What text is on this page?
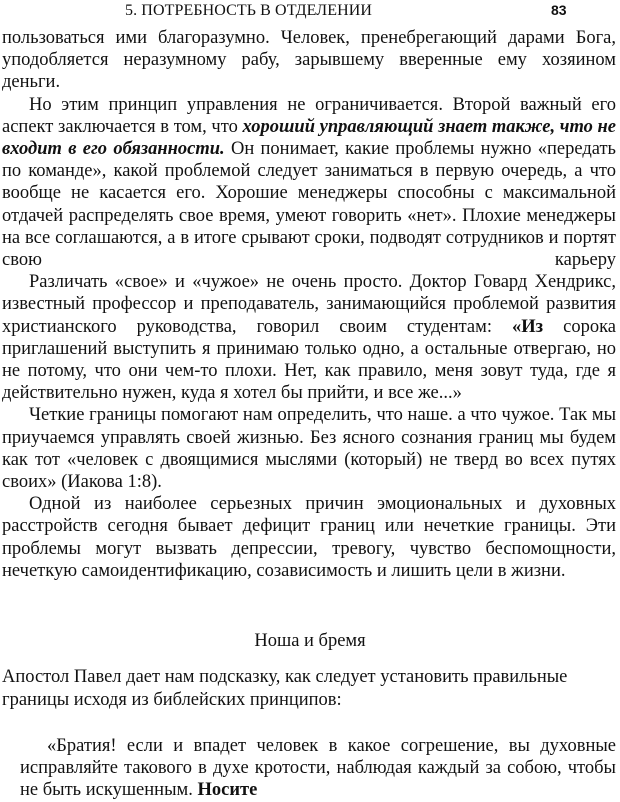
5. ПОТРЕБНОСТЬ В ОТДЕЛЕНИИ	83

пользоваться ими благоразумно. Человек, пренебрегающий дарами Бога, уподобляется неразумному рабу, зарывшему вверенные ему хозяином деньги.

Но этим принцип управления не ограничивается. Второй важный его аспект заключается в том, что хороший управляющий знает также, что не входит в его обязанности. Он понимает, какие проблемы нужно «передать по команде», какой проблемой следует заниматься в первую очередь, а что вообще не касается его. Хорошие менеджеры способны с максимальной отдачей распределять свое время, умеют говорить «нет». Плохие менеджеры на все соглашаются, а в итоге срывают сроки, подводят сотрудников и портят свою карьеру

Различать «свое» и «чужое» не очень просто. Доктор Говард Хендрикс, известный профессор и преподаватель, занимающийся проблемой развития христианского руководства, говорил своим студентам: «Из сорока приглашений выступить я принимаю только одно, а остальные отвергаю, но не потому, что они чем-то плохи. Нет, как правило, меня зовут туда, где я действительно нужен, куда я хотел бы прийти, и все же...»

Четкие границы помогают нам определить, что наше. а что чужое. Так мы приучаемся управлять своей жизнью. Без ясного сознания границ мы будем как тот «человек с двоящимися мыслями (который) не тверд во всех путях своих» (Иакова 1:8).

Одной из наиболее серьезных причин эмоциональных и духовных расстройств сегодня бывает дефицит границ или нечеткие границы. Эти проблемы могут вызвать депрессии, тревогу, чувство беспомощности, нечеткую самоидентификацию, созависимость и лишить цели в жизни.

Ноша и бремя
Апостол Павел дает нам подсказку, как следует установить правильные границы исходя из библейских принципов:
«Братия! если и впадет человек в какое согрешение, вы духовные исправляйте такового в духе кротости, наблюдая каждый за собою, чтобы не быть искушенным. Носите
